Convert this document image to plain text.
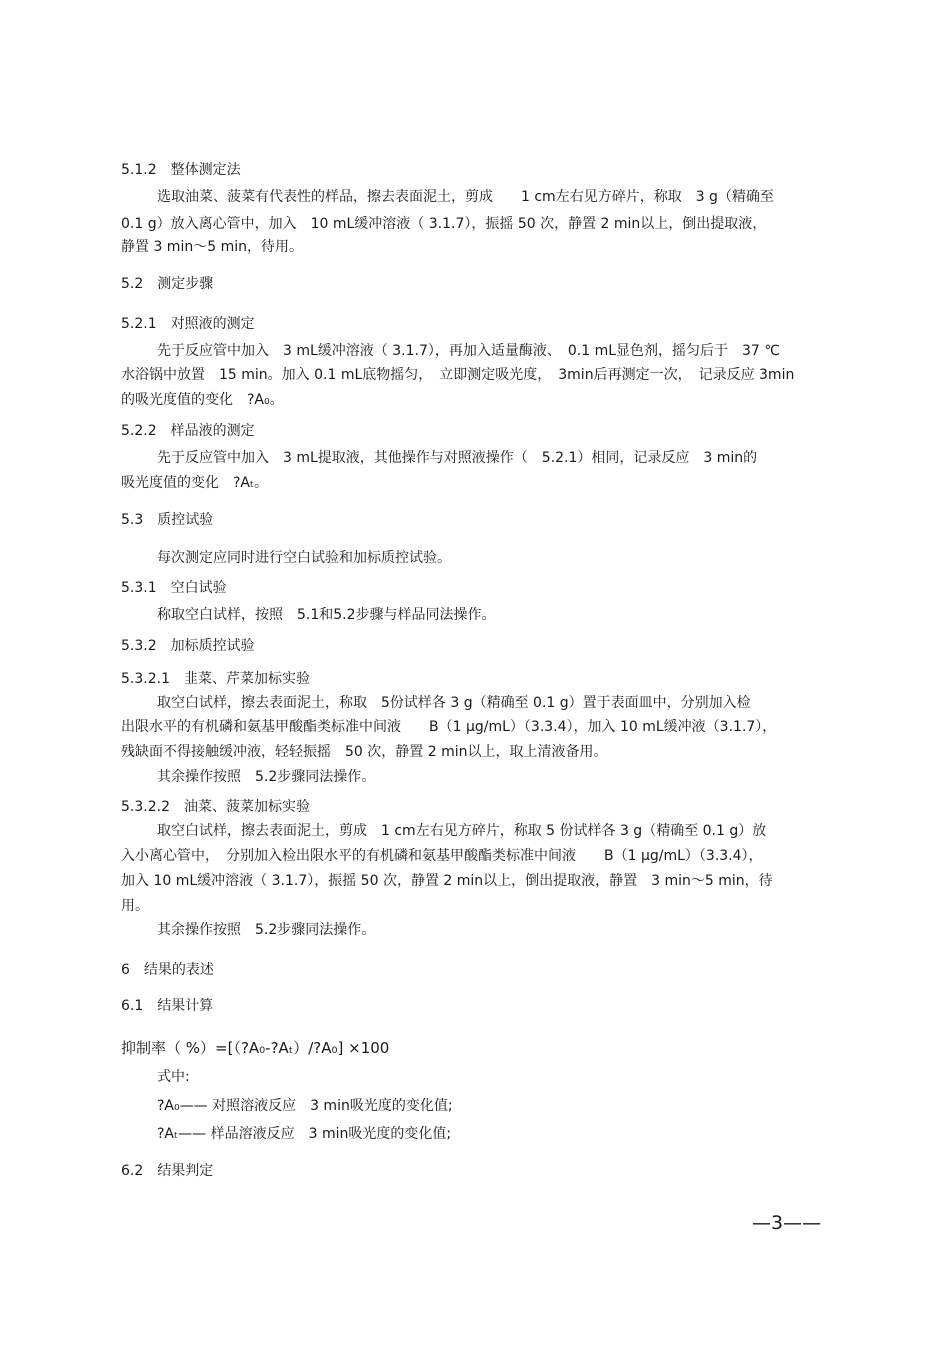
5.1.2　整体测定法
选取油菜、菠菜有代表性的样品，擦去表面泥土，剪成　　1 cm左右见方碎片，称取　3 g（精确至
0.1 g）放入离心管中，加入　10 mL缓冲溶液（ 3.1.7），振摇 50 次，静置 2 min以上，倒出提取液，
静置 3 min～5 min，待用。
5.2　测定步骤
5.2.1　对照液的测定
先于反应管中加入　3 mL缓冲溶液（ 3.1.7），再加入适量酶液、　0.1 mL显色剂，摇匀后于　37 ℃
水浴锅中放置　15 min。加入 0.1 mL底物摇匀，　立即测定吸光度，　3min后再测定一次，　记录反应 3min
的吸光度值的变化　?A₀。
5.2.2　样品液的测定
先于反应管中加入　3 mL提取液，其他操作与对照液操作（　5.2.1）相同，记录反应　3 min的
吸光度值的变化　?Aₜ。
5.3　质控试验
每次测定应同时进行空白试验和加标质控试验。
5.3.1　空白试验
称取空白试样，按照　5.1和5.2步骤与样品同法操作。
5.3.2　加标质控试验
5.3.2.1　韭菜、芹菜加标实验
取空白试样，擦去表面泥土，称取　5份试样各 3 g（精确至 0.1 g）置于表面皿中，分别加入检
出限水平的有机磷和氨基甲酸酯类标准中间液　　B（1 μg/mL）（3.3.4），加入 10 mL缓冲液（3.1.7），
残缺面不得接触缓冲液，轻轻振摇　50 次，静置 2 min以上，取上清液备用。
其余操作按照　5.2步骤同法操作。
5.3.2.2　油菜、菠菜加标实验
取空白试样，擦去表面泥土，剪成　1 cm左右见方碎片，称取 5 份试样各 3 g（精确至 0.1 g）放
入小离心管中，　分别加入检出限水平的有机磷和氨基甲酸酯类标准中间液　　B（1 μg/mL）（3.3.4），
加入 10 mL缓冲溶液（ 3.1.7），振摇 50 次，静置 2 min以上，倒出提取液，静置　3 min～5 min，待
用。
其余操作按照　5.2步骤同法操作。
6　结果的表述
6.1　结果计算
抑制率（ %）=[（?A₀-?Aₜ）/?A₀] ×100
式中:
?A₀—— 对照溶液反应　3 min吸光度的变化值;
?Aₜ—— 样品溶液反应　3 min吸光度的变化值;
6.2　结果判定
—3——
